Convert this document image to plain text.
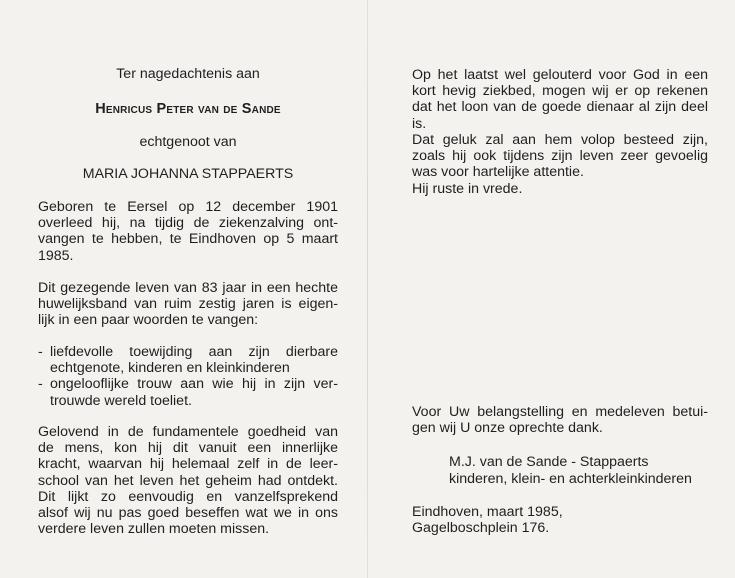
Ter nagedachtenis aan

Henricus Peter van de Sande

echtgenoot van

MARIA JOHANNA STAPPAERTS

Geboren te Eersel op 12 december 1901
overleed hij, na tijdig de ziekenzalving ont-
vangen te hebben, te Eindhoven op 5 maart
1985.

Dit gezegende leven van 83 jaar in een hechte
huwelijksband van ruim zestig jaren is eigen-
lijk in een paar woorden te vangen:

- liefdevolle toewijding aan zijn dierbare
echtgenote, kinderen en kleinkinderen
- ongelooflijke trouw aan wie hij in zijn ver-
trouwde wereld toeliet.

Gelovend in de fundamentele goedheid van
de mens, kon hij dit vanuit een innerlijke
kracht, waarvan hij helemaal zelf in de leer-
school van het leven het geheim had ontdekt.
Dit lijkt zo eenvoudig en vanzelfsprekend
alsof wij nu pas goed beseffen wat we in ons
verdere leven zullen moeten missen.

Op het laatst wel gelouterd voor God in een
kort hevig ziekbed, mogen wij er op rekenen
dat het loon van de goede dienaar al zijn deel
is.

Dat geluk zal aan hem volop besteed zijn,
zoals hij ook tijdens zijn leven zeer gevoelig
was voor hartelijke attentie.

Hij ruste in vrede.

Voor Uw belangstelling en medeleven betui-
gen wij U onze oprechte dank.

M.J. van de Sande - Stappaerts

kinderen, klein- en achterkleinkinderen

Eindhoven, maart 1985,

Gagelboschplein 176.
